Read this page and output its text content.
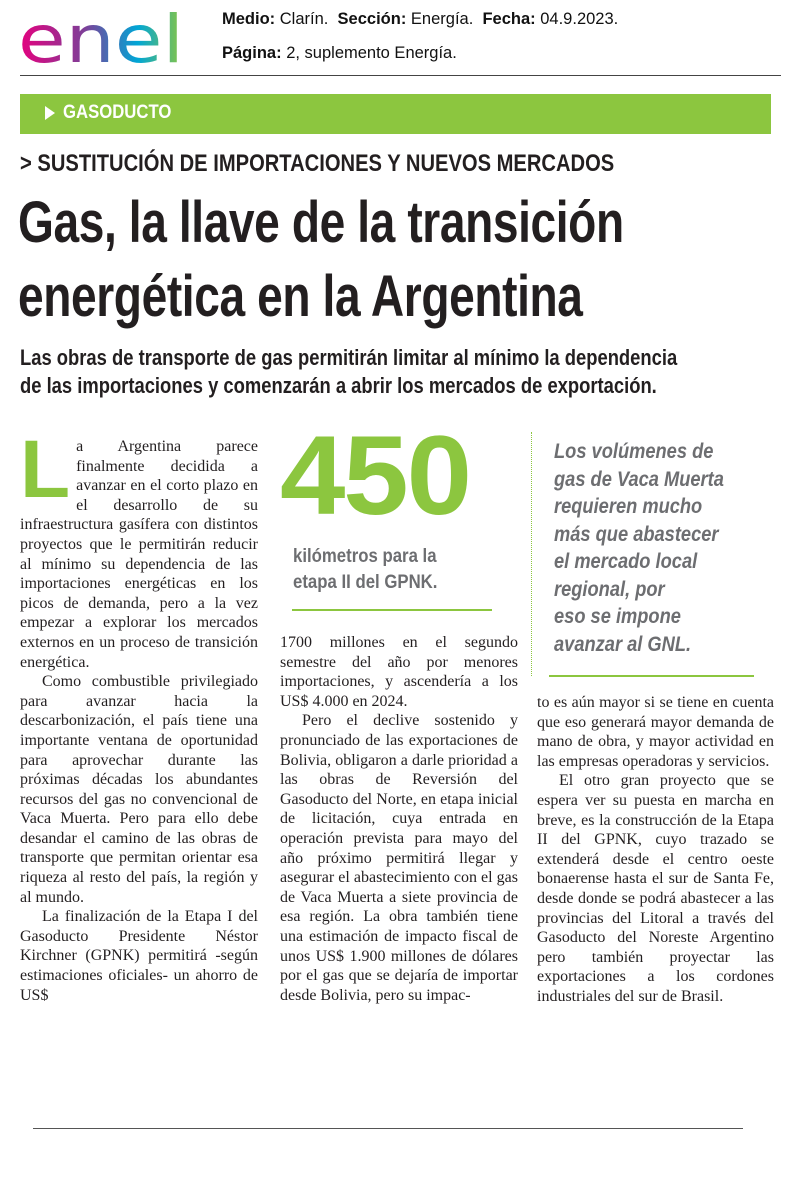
enel Medio: Clarín. Sección: Energía. Fecha: 04.9.2023.
Página: 2, suplemento Energía.
GASODUCTO
> SUSTITUCIÓN DE IMPORTACIONES Y NUEVOS MERCADOS
Gas, la llave de la transición
energética en la Argentina
Las obras de transporte de gas permitirán limitar al mínimo la dependencia
de las importaciones y comenzarán a abrir los mercados de exportación.

La Argentina parece finalmente decidida a avanzar en el corto plazo en el desarrollo de su infraestructura gasífera con distintos proyectos que le permitirán reducir al mínimo su dependencia de las importaciones energéticas en los picos de demanda, pero a la vez empezar a explorar los mercados externos en un proceso de transición energética.

Como combustible privilegiado para avanzar hacia la descarbonización, el país tiene una importante ventana de oportunidad para aprovechar durante las próximas décadas los abundantes recursos del gas no convencional de Vaca Muerta. Pero para ello debe desandar el camino de las obras de transporte que permitan orientar esa riqueza al resto del país, la región y al mundo.

La finalización de la Etapa I del Gasoducto Presidente Néstor Kirchner (GPNK) permitirá -según estimaciones oficiales- un ahorro de US$

450
kilómetros para la
etapa II del GPNK.

1700 millones en el segundo semestre del año por menores importaciones, y ascendería a los US$ 4.000 en 2024.

Pero el declive sostenido y pronunciado de las exportaciones de Bolivia, obligaron a darle prioridad a las obras de Reversión del Gasoducto del Norte, en etapa inicial de licitación, cuya entrada en operación prevista para mayo del año próximo permitirá llegar y asegurar el abastecimiento con el gas de Vaca Muerta a siete provincia de esa región. La obra también tiene una estimación de impacto fiscal de unos US$ 1.900 millones de dólares por el gas que se dejaría de importar desde Bolivia, pero su impac-

Los volúmenes de
gas de Vaca Muerta
requieren mucho
más que abastecer
el mercado local
regional, por
eso se impone
avanzar al GNL.

to es aún mayor si se tiene en cuenta que eso generará mayor demanda de mano de obra, y mayor actividad en las empresas operadoras y servicios.

El otro gran proyecto que se espera ver su puesta en marcha en breve, es la construcción de la Etapa II del GPNK, cuyo trazado se extenderá desde el centro oeste bonaerense hasta el sur de Santa Fe, desde donde se podrá abastecer a las provincias del Litoral a través del Gasoducto del Noreste Argentino pero también proyectar las exportaciones a los cordones industriales del sur de Brasil.
